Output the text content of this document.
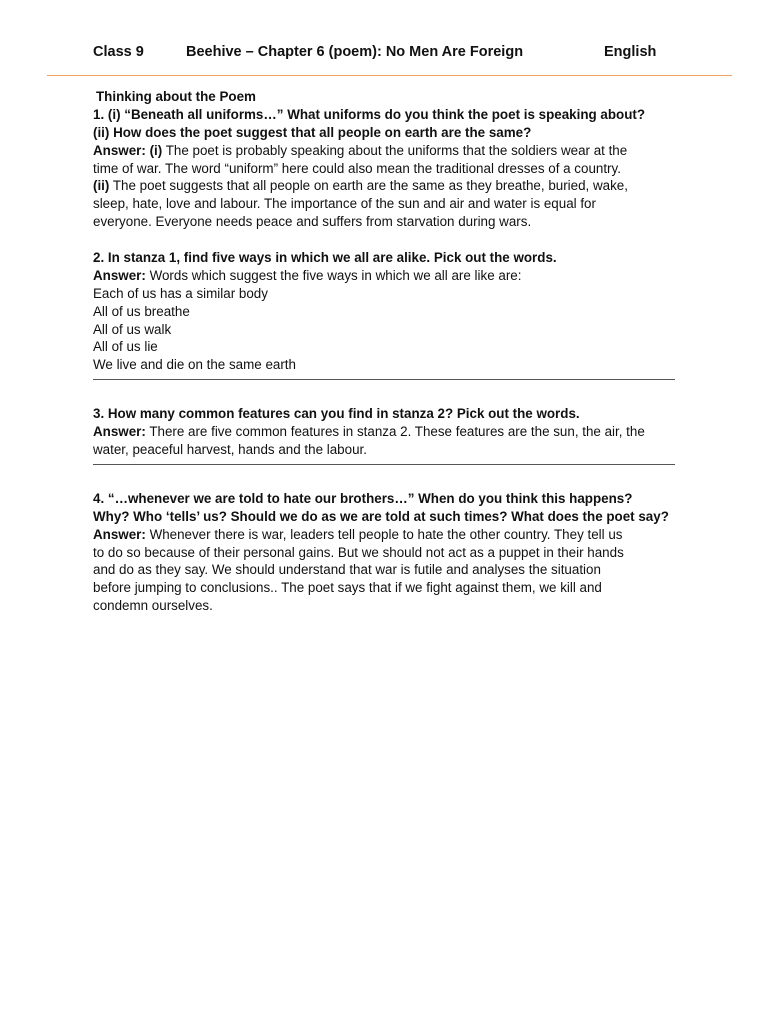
Class 9	Beehive – Chapter 6 (poem): No Men Are Foreign	English
Thinking about the Poem
1. (i) “Beneath all uniforms…” What uniforms do you think the poet is speaking about?
(ii) How does the poet suggest that all people on earth are the same?
Answer: (i) The poet is probably speaking about the uniforms that the soldiers wear at the
time of war. The word “uniform” here could also mean the traditional dresses of a country.
(ii) The poet suggests that all people on earth are the same as they breathe, buried, wake,
sleep, hate, love and labour. The importance of the sun and air and water is equal for
everyone. Everyone needs peace and suffers from starvation during wars.
2. In stanza 1, find five ways in which we all are alike. Pick out the words.
Answer: Words which suggest the five ways in which we all are like are:
Each of us has a similar body
All of us breathe
All of us walk
All of us lie
We live and die on the same earth
3. How many common features can you find in stanza 2? Pick out the words.
Answer: There are five common features in stanza 2. These features are the sun, the air, the
water, peaceful harvest, hands and the labour.
4. “…whenever we are told to hate our brothers…” When do you think this happens?
Why? Who ‘tells’ us? Should we do as we are told at such times? What does the poet say?
Answer: Whenever there is war, leaders tell people to hate the other country. They tell us
to do so because of their personal gains. But we should not act as a puppet in their hands
and do as they say. We should understand that war is futile and analyses the situation
before jumping to conclusions.. The poet says that if we fight against them, we kill and
condemn ourselves.
